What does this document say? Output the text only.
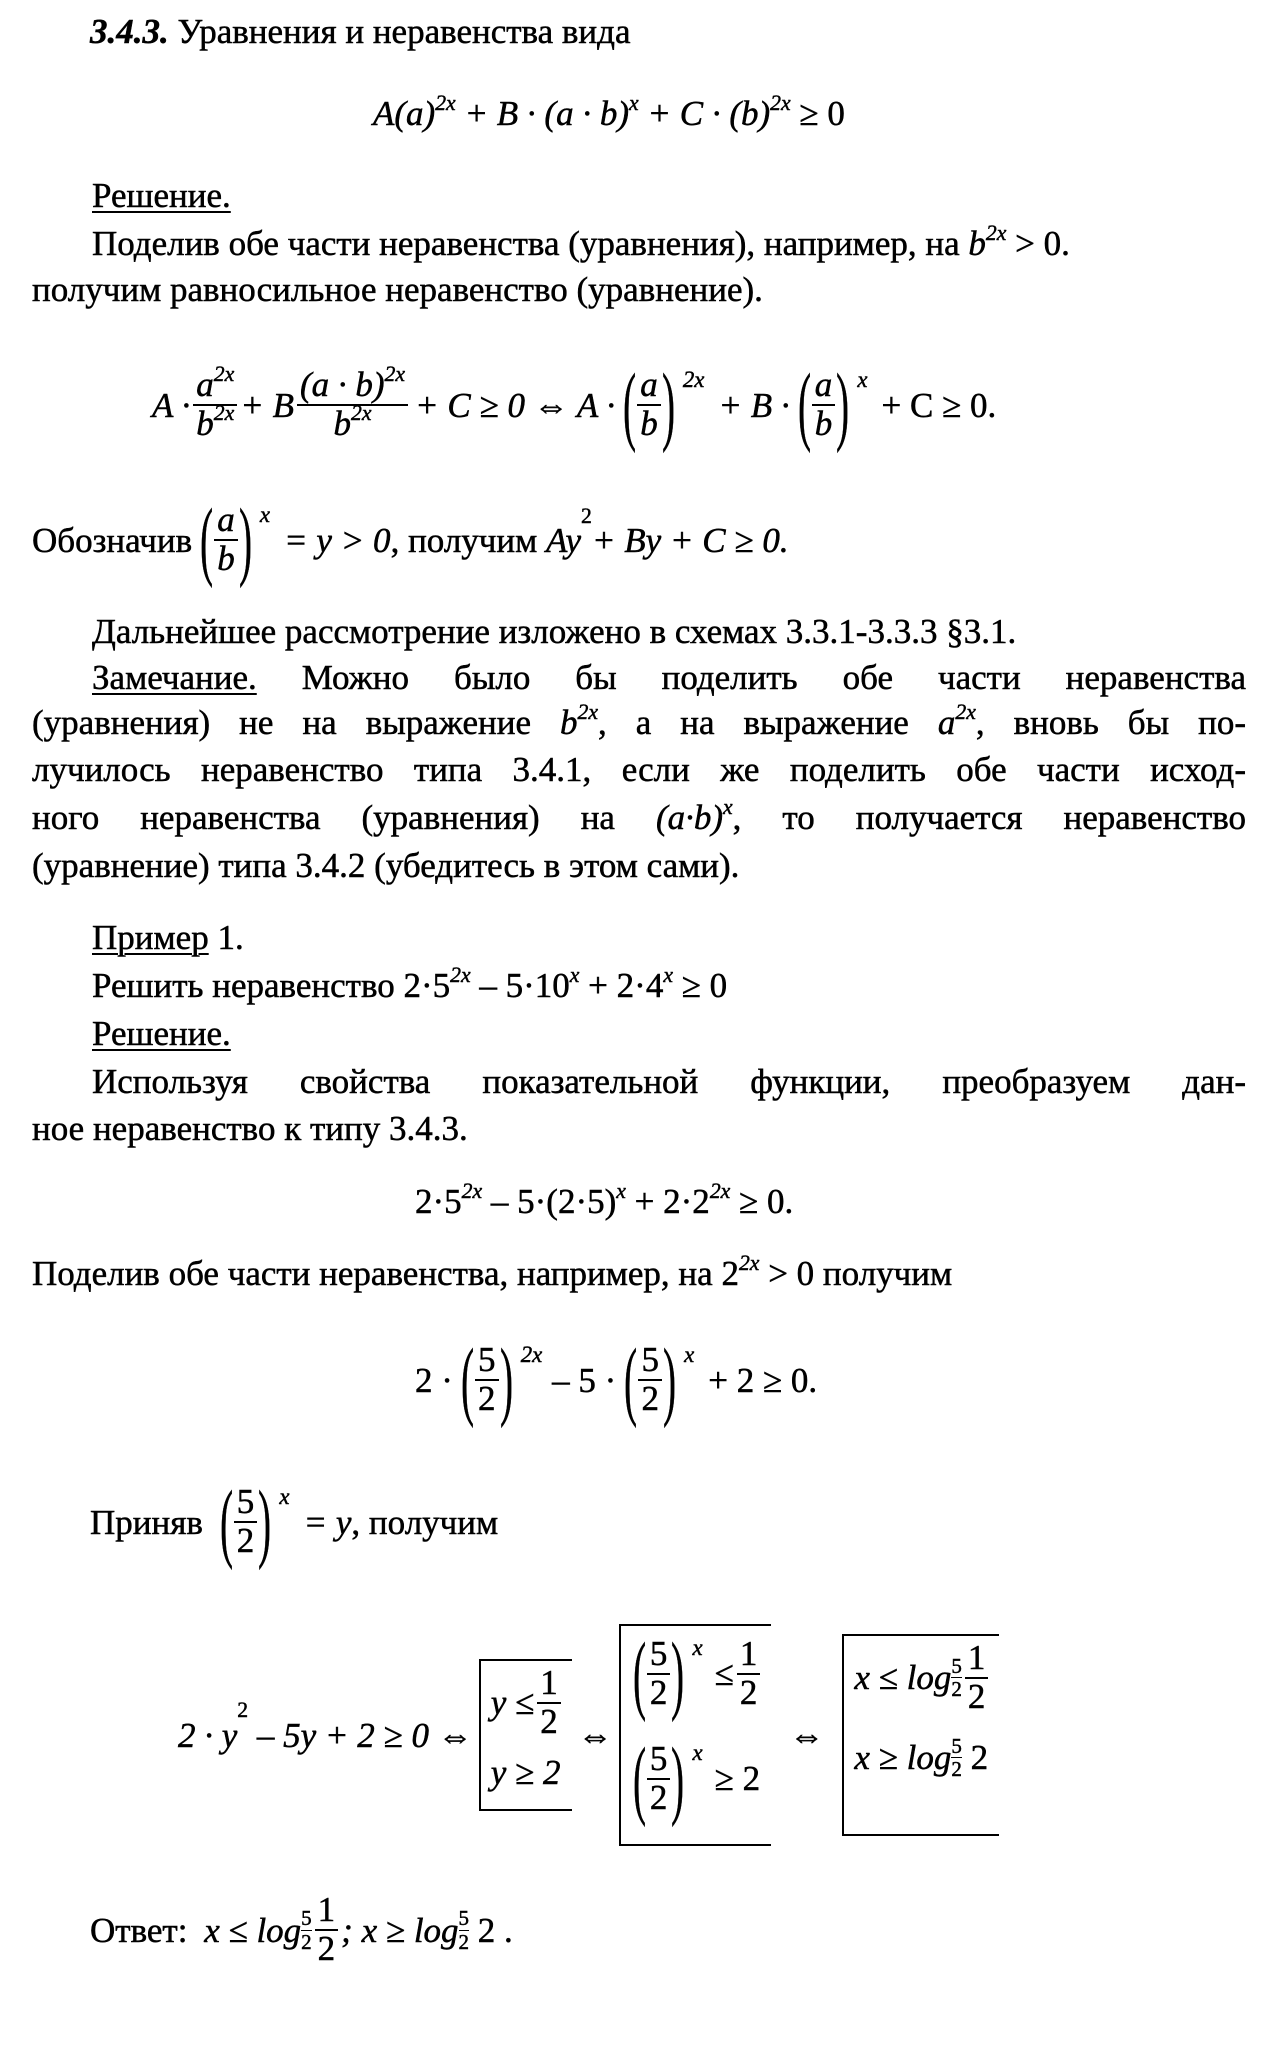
3.4.3. Уравнения и неравенства вида
$A(a)^{2x} + B \cdot (a \cdot b)^x + C \cdot (b)^{2x} \ge 0$
Решение.
Поделив обе части неравенства (уравнения), например, на $b^{2x} > 0$.
получим равносильное неравенство (уравнение).
$A \cdot \frac{a^{2x}}{b^{2x}} + B \frac{(a \cdot b)^{2x}}{b^{2x}} + C \ge 0$ ⇔ A · ( $\frac{a}{b}$
) 2x
+ B · ( $\frac{a}{b}$
) x
+ C ≥ 0.
Обозначив ( $\frac{a}{b}$
) x
= y > 0 , получим Ay
2
+ By + C ≥ 0.
Дальнейшее рассмотрение изложено в схемах 3.3.1-3.3.3 §3.1.
Замечание. Можно было бы поделить обе части неравенства
(уравнения) не на выражение $b^{2x}$, а на выражение $a^{2x}$, вновь бы по-
лучилось неравенство типа 3.4.1, если же поделить обе части исход-
ного неравенства (уравнения) на $(a\cdot b)^x$, то получается неравенство
(уравнение) типа 3.4.2 (убедитесь в этом сами).
Пример 1.
Решить неравенство $2\cdot 5^{2x} - 5\cdot 10^x + 2\cdot 4^x \ge 0$
Решение.
Используя свойства показательной функции, преобразуем дан-
ное неравенство к типу 3.4.3.
$2\cdot 5^{2x} - 5\cdot(2\cdot 5)^x + 2\cdot 2^{2x} \ge 0$.
Поделив обе части неравенства, например, на $2^{2x} > 0$ получим
2 · ( $\frac{5}{2}$
) 2x
– 5 · ( $\frac{5}{2}$
) x
+ 2 ≥ 0.
Приняв ( $\frac{5}{2}$
) x
= y , получим
2 · y
2
– 5y + 2 ≥ 0 ⇔
$y \le \frac{1}{2}$
y ≥ 2
⇔
( $\frac{5}{2}$
) x
≤ $\frac{1}{2}$
( $\frac{5}{2}$
) x
≥ 2
⇔
$x \le \log \frac{5}{2} \frac{1}{2}$
$x \ge \log \frac{5}{2} 2$
Ответ: $x \le \log \frac{5}{2} \frac{1}{2}$ ; $x \ge \log \frac{5}{2} 2$ .
